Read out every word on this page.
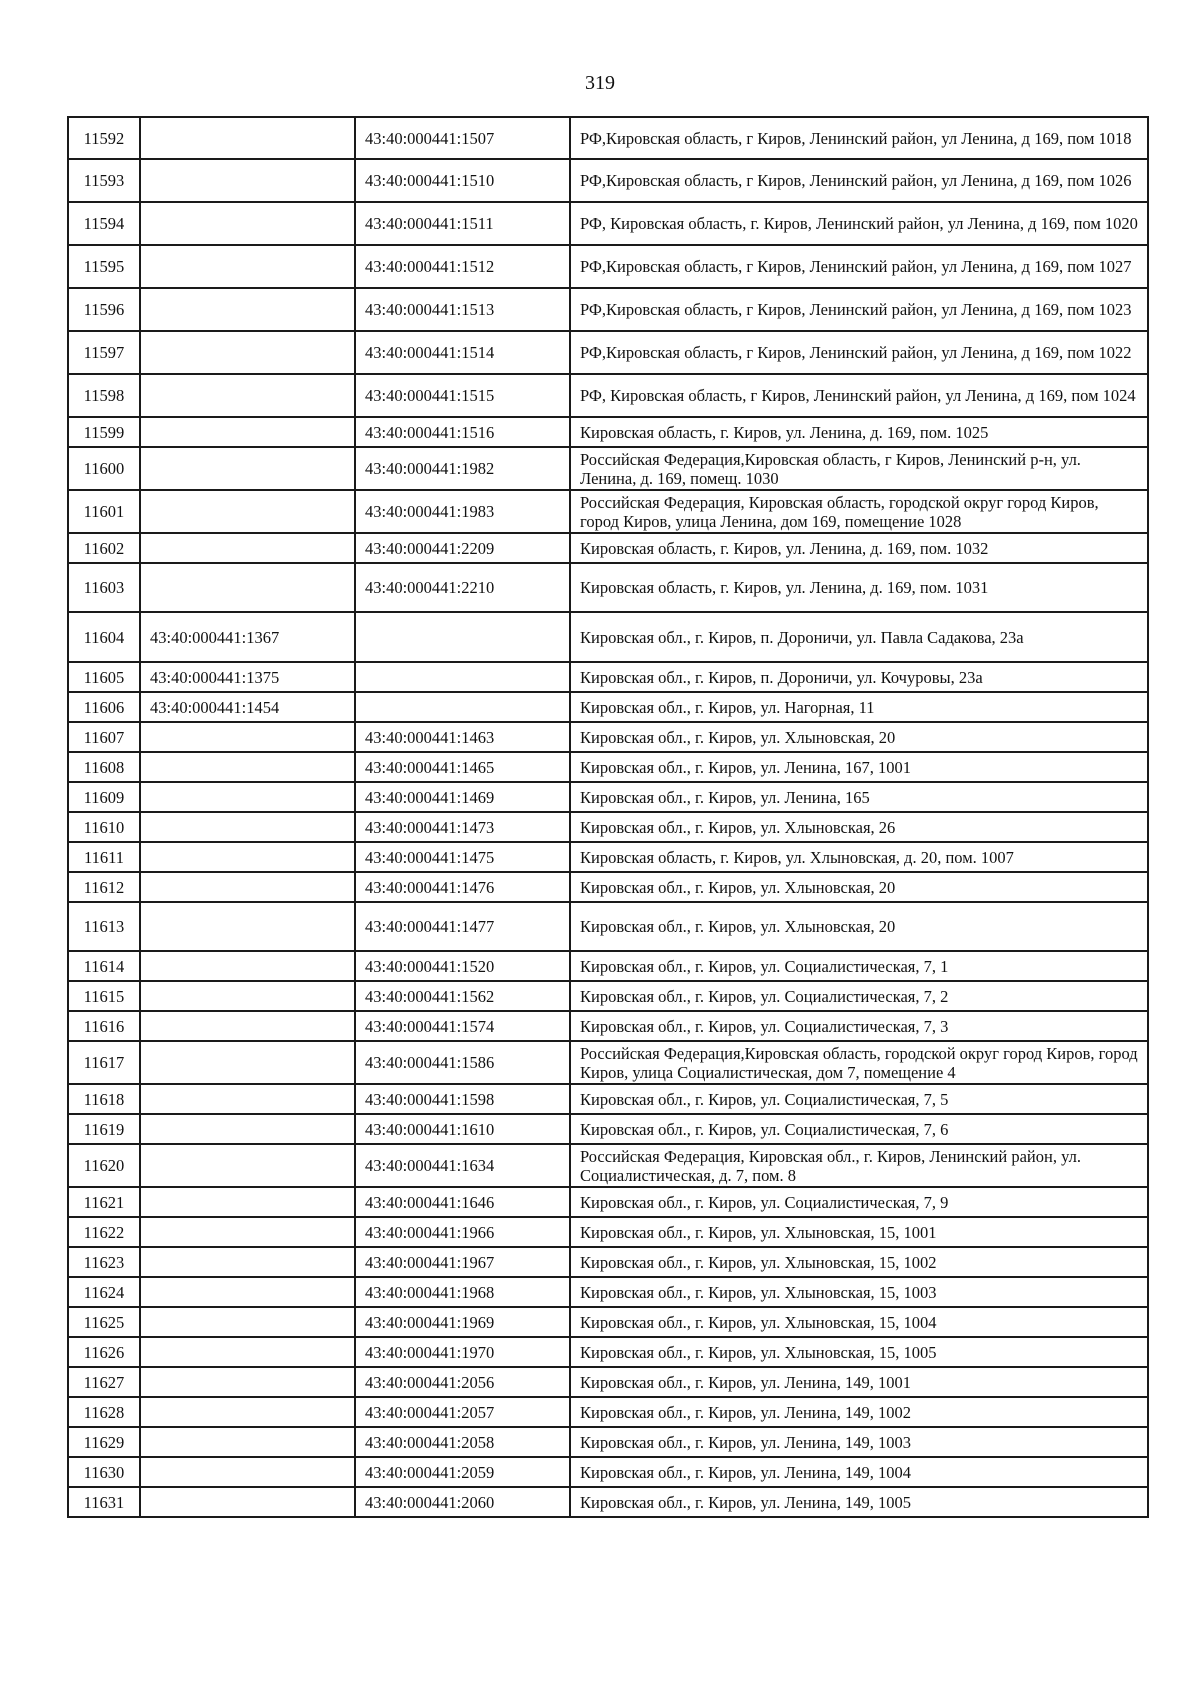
319
11592		43:40:000441:1507	РФ,Кировская область, г Киров, Ленинский район, ул Ленина, д 169, пом 1018
11593		43:40:000441:1510	РФ,Кировская область, г Киров, Ленинский район, ул Ленина, д 169, пом 1026
11594		43:40:000441:1511	РФ, Кировская область, г. Киров, Ленинский район, ул Ленина, д 169, пом 1020
11595		43:40:000441:1512	РФ,Кировская область, г Киров, Ленинский район, ул Ленина, д 169, пом 1027
11596		43:40:000441:1513	РФ,Кировская область, г Киров, Ленинский район, ул Ленина, д 169, пом 1023
11597		43:40:000441:1514	РФ,Кировская область, г Киров, Ленинский район, ул Ленина, д 169, пом 1022
11598		43:40:000441:1515	РФ, Кировская область, г Киров, Ленинский район, ул Ленина, д 169, пом 1024
11599		43:40:000441:1516	Кировская область, г. Киров, ул. Ленина, д. 169, пом. 1025
11600		43:40:000441:1982	Российская Федерация,Кировская область, г Киров, Ленинский р-н, ул. Ленина, д. 169, помещ. 1030
11601		43:40:000441:1983	Российская Федерация, Кировская область, городской округ город Киров, город Киров, улица Ленина, дом 169, помещение 1028
11602		43:40:000441:2209	Кировская область, г. Киров, ул. Ленина, д. 169, пом. 1032
11603		43:40:000441:2210	Кировская область, г. Киров, ул. Ленина, д. 169, пом. 1031
11604	43:40:000441:1367		Кировская обл., г. Киров, п. Дороничи, ул. Павла Садакова, 23а
11605	43:40:000441:1375		Кировская обл., г. Киров, п. Дороничи, ул. Кочуровы, 23а
11606	43:40:000441:1454		Кировская обл., г. Киров, ул. Нагорная, 11
11607		43:40:000441:1463	Кировская обл., г. Киров, ул. Хлыновская, 20
11608		43:40:000441:1465	Кировская обл., г. Киров, ул. Ленина, 167, 1001
11609		43:40:000441:1469	Кировская обл., г. Киров, ул. Ленина, 165
11610		43:40:000441:1473	Кировская обл., г. Киров, ул. Хлыновская, 26
11611		43:40:000441:1475	Кировская область, г. Киров, ул. Хлыновская, д. 20, пом. 1007
11612		43:40:000441:1476	Кировская обл., г. Киров, ул. Хлыновская, 20
11613		43:40:000441:1477	Кировская обл., г. Киров, ул. Хлыновская, 20
11614		43:40:000441:1520	Кировская обл., г. Киров, ул. Социалистическая, 7, 1
11615		43:40:000441:1562	Кировская обл., г. Киров, ул. Социалистическая, 7, 2
11616		43:40:000441:1574	Кировская обл., г. Киров, ул. Социалистическая, 7, 3
11617		43:40:000441:1586	Российская Федерация,Кировская область, городской округ город Киров, город Киров, улица Социалистическая, дом 7, помещение 4
11618		43:40:000441:1598	Кировская обл., г. Киров, ул. Социалистическая, 7, 5
11619		43:40:000441:1610	Кировская обл., г. Киров, ул. Социалистическая, 7, 6
11620		43:40:000441:1634	Российская Федерация, Кировская обл., г. Киров, Ленинский район, ул. Социалистическая, д. 7, пом. 8
11621		43:40:000441:1646	Кировская обл., г. Киров, ул. Социалистическая, 7, 9
11622		43:40:000441:1966	Кировская обл., г. Киров, ул. Хлыновская, 15, 1001
11623		43:40:000441:1967	Кировская обл., г. Киров, ул. Хлыновская, 15, 1002
11624		43:40:000441:1968	Кировская обл., г. Киров, ул. Хлыновская, 15, 1003
11625		43:40:000441:1969	Кировская обл., г. Киров, ул. Хлыновская, 15, 1004
11626		43:40:000441:1970	Кировская обл., г. Киров, ул. Хлыновская, 15, 1005
11627		43:40:000441:2056	Кировская обл., г. Киров, ул. Ленина, 149, 1001
11628		43:40:000441:2057	Кировская обл., г. Киров, ул. Ленина, 149, 1002
11629		43:40:000441:2058	Кировская обл., г. Киров, ул. Ленина, 149, 1003
11630		43:40:000441:2059	Кировская обл., г. Киров, ул. Ленина, 149, 1004
11631		43:40:000441:2060	Кировская обл., г. Киров, ул. Ленина, 149, 1005
